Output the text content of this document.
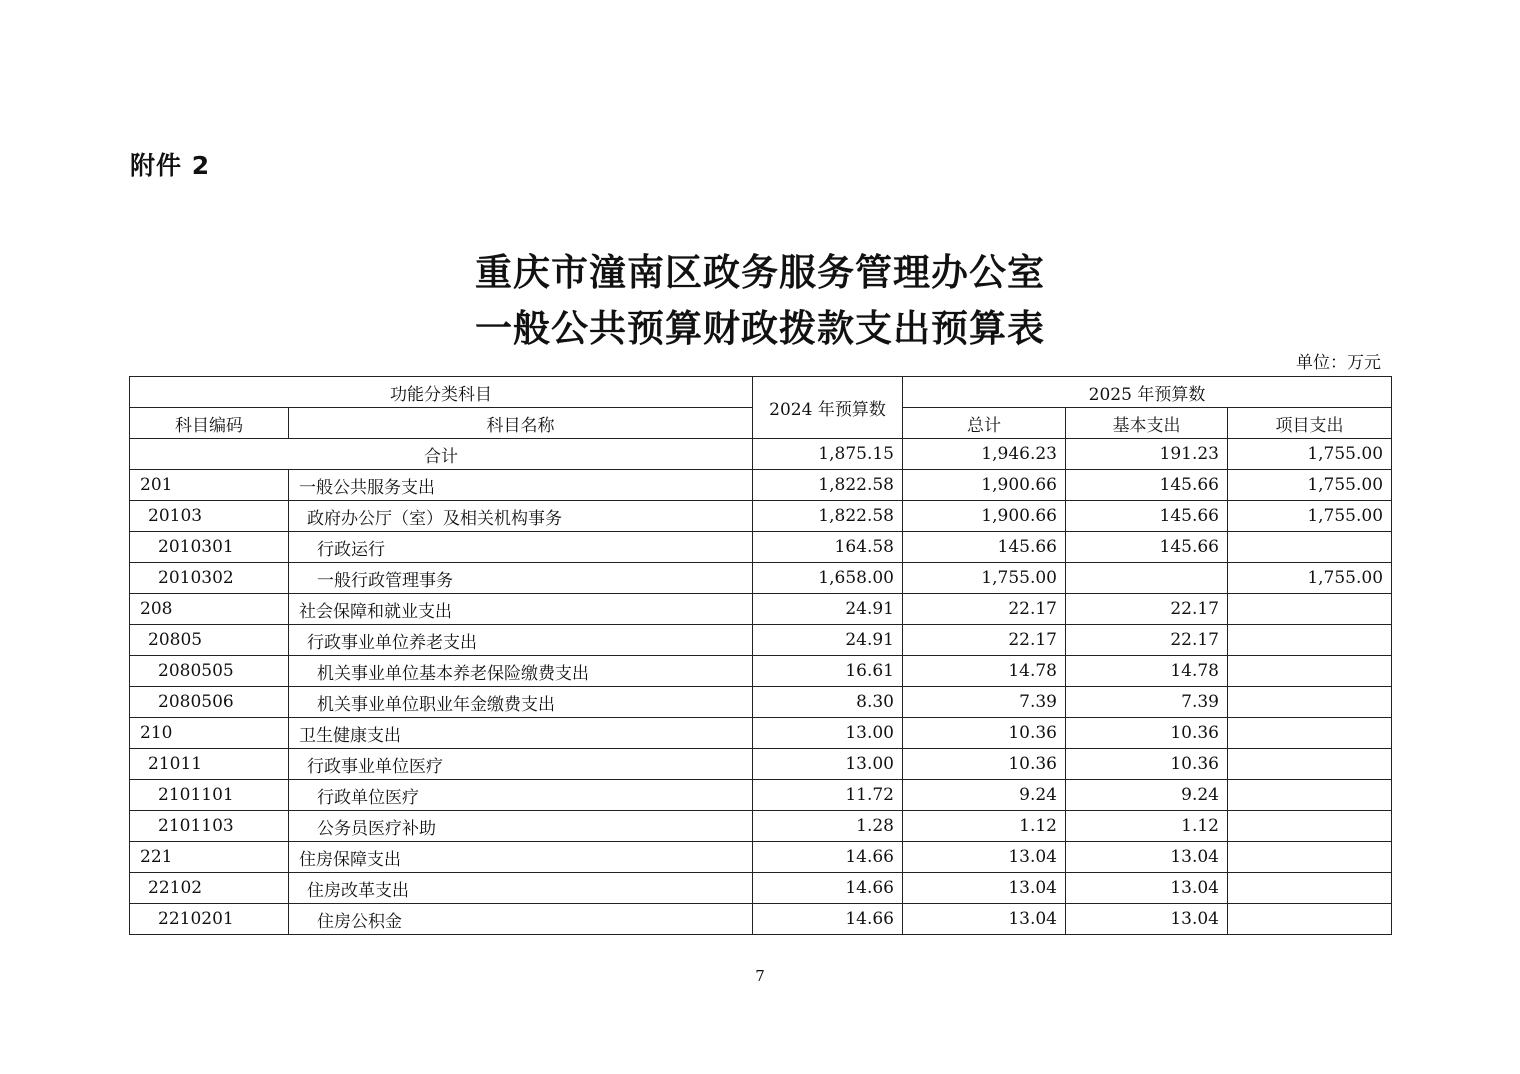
附件 2
重庆市潼南区政务服务管理办公室
一般公共预算财政拨款支出预算表
单位：万元
功能分类科目		2024 年预算数	2025 年预算数		
科目编码	科目名称		总计	基本支出	项目支出
合计		1,875.15	1,946.23	191.23	1,755.00
201	一般公共服务支出	1,822.58	1,900.66	145.66	1,755.00
20103	政府办公厅（室）及相关机构事务	1,822.58	1,900.66	145.66	1,755.00
2010301	行政运行	164.58	145.66	145.66	
2010302	一般行政管理事务	1,658.00	1,755.00		1,755.00
208	社会保障和就业支出	24.91	22.17	22.17	
20805	行政事业单位养老支出	24.91	22.17	22.17	
2080505	机关事业单位基本养老保险缴费支出	16.61	14.78	14.78	
2080506	机关事业单位职业年金缴费支出	8.30	7.39	7.39	
210	卫生健康支出	13.00	10.36	10.36	
21011	行政事业单位医疗	13.00	10.36	10.36	
2101101	行政单位医疗	11.72	9.24	9.24	
2101103	公务员医疗补助	1.28	1.12	1.12	
221	住房保障支出	14.66	13.04	13.04	
22102	住房改革支出	14.66	13.04	13.04	
2210201	住房公积金	14.66	13.04	13.04	
7
